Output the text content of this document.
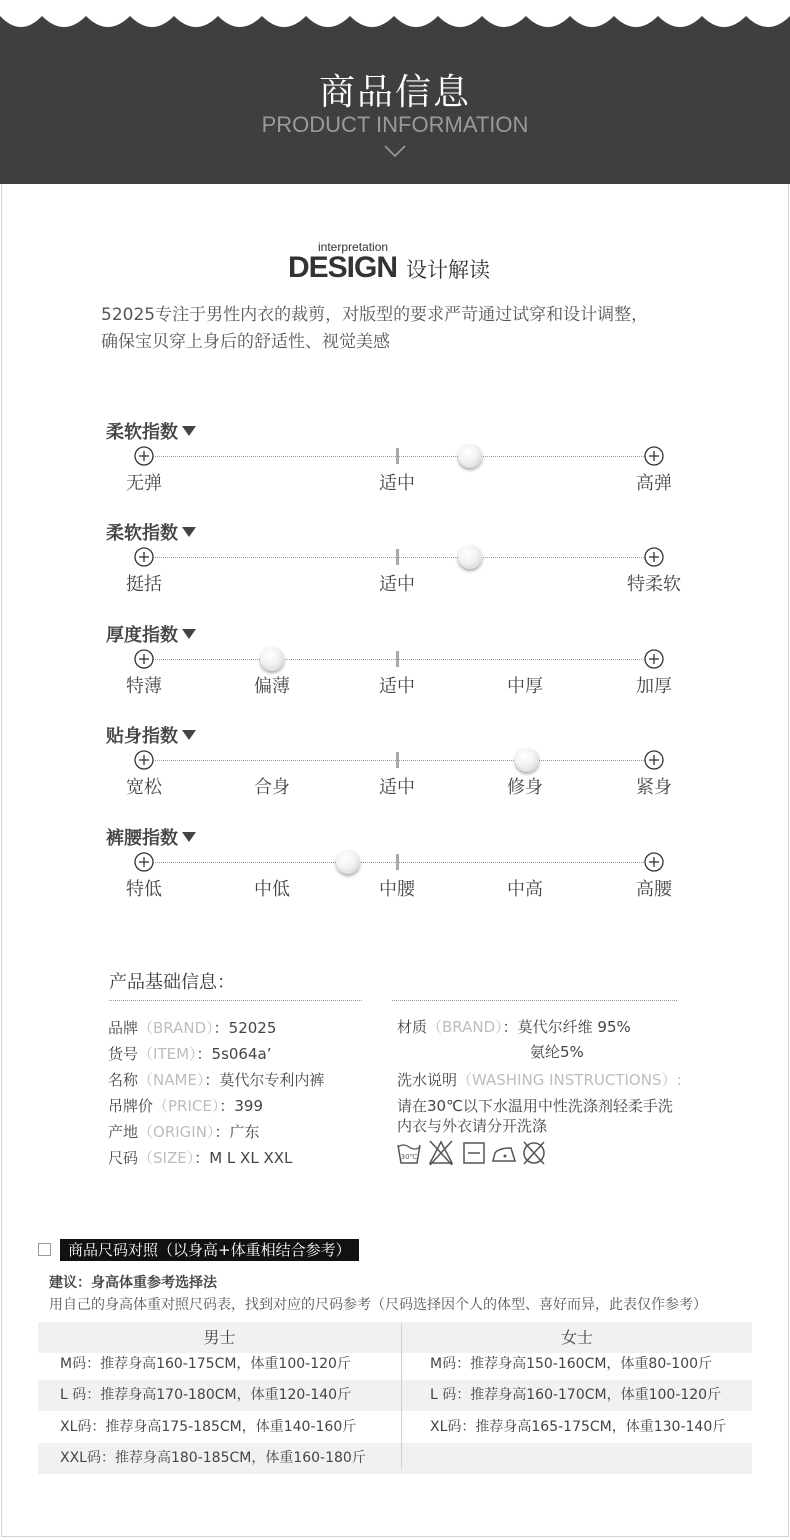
商品信息
PRODUCT INFORMATION
interpretation
DESIGN 设计解读
52025专注于男性内衣的裁剪，对版型的要求严苛通过试穿和设计调整，
确保宝贝穿上身后的舒适性、视觉美感
柔软指数
无弹	适中	高弹
柔软指数
挺括	适中	特柔软
厚度指数
特薄	偏薄	适中	中厚	加厚
贴身指数
宽松	合身	适中	修身	紧身
裤腰指数
特低	中低	中腰	中高	高腰
产品基础信息：
品牌（BRAND）：52025
货号（ITEM）：5s064a’
名称（NAME）：莫代尔专利内裤
吊牌价（PRICE）：399
产地（ORIGIN）：广东
尺码（SIZE）：M L XL XXL
材质（BRAND）：莫代尔纤维 95%
氨纶5%
洗水说明（WASHING INSTRUCTIONS）:
请在30℃以下水温用中性洗涤剂轻柔手洗
内衣与外衣请分开洗涤
30℃
商品尺码对照（以身高+体重相结合参考）
建议：身高体重参考选择法
用自己的身高体重对照尺码表，找到对应的尺码参考（尺码选择因个人的体型、喜好而异，此表仅作参考）
男士	女士
M码：推荐身高160-175CM，体重100-120斤	M码：推荐身高150-160CM，体重80-100斤
L 码：推荐身高170-180CM，体重120-140斤	L 码：推荐身高160-170CM，体重100-120斤
XL码：推荐身高175-185CM，体重140-160斤	XL码：推荐身高165-175CM，体重130-140斤
XXL码：推荐身高180-185CM，体重160-180斤
